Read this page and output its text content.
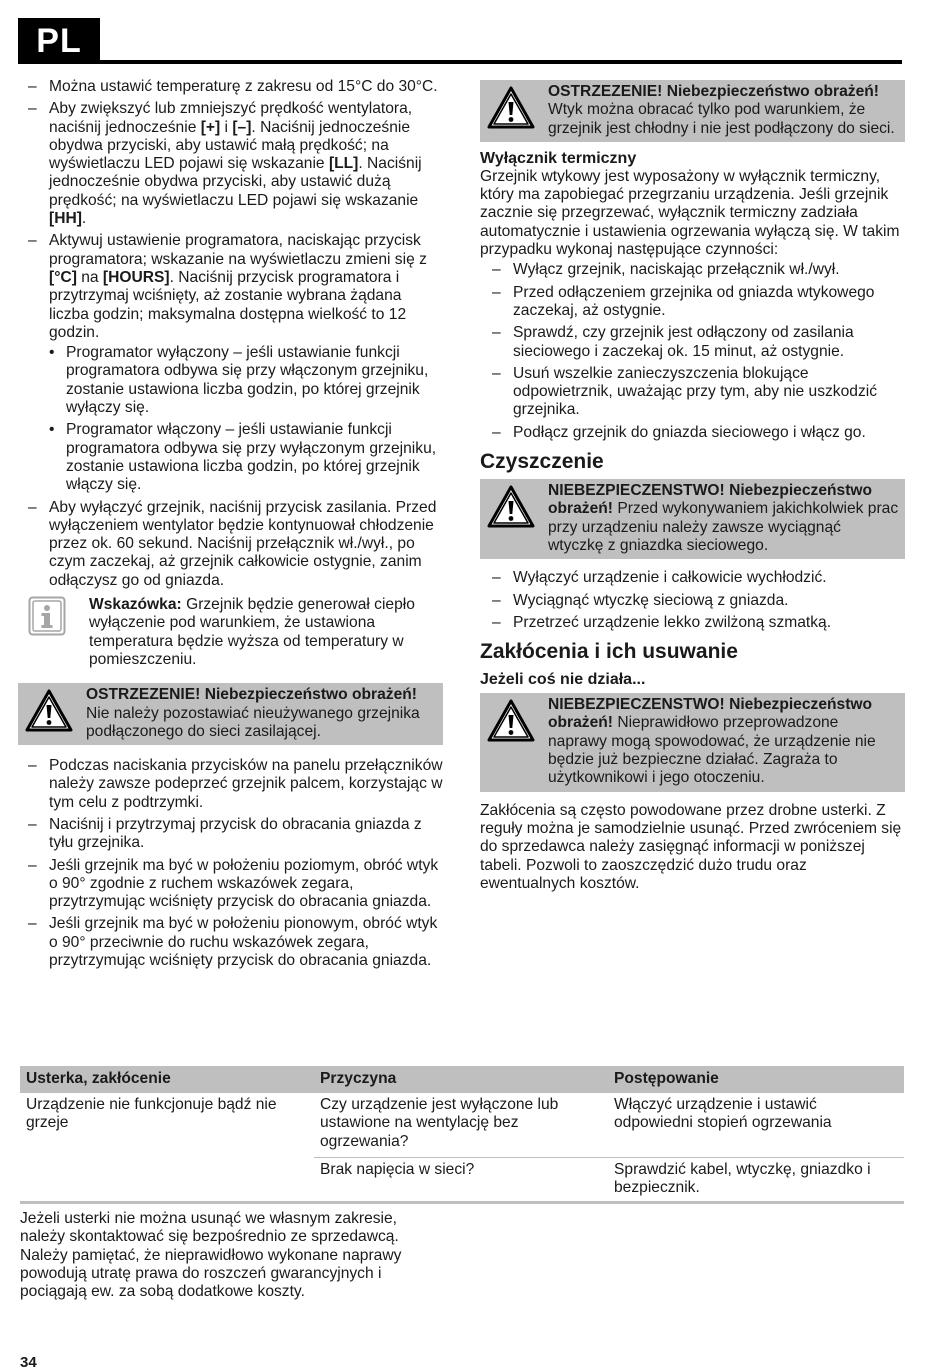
PL
– Można ustawić temperaturę z zakresu od 15°C do 30°C.
– Aby zwiększyć lub zmniejszyć prędkość wentylatora, naciśnij jednocześnie [+] i [–]. Naciśnij jednocześnie obydwa przyciski, aby ustawić małą prędkość; na wyświetlaczu LED pojawi się wskazanie [LL]. Naciśnij jednocześnie obydwa przyciski, aby ustawić dużą prędkość; na wyświetlaczu LED pojawi się wskazanie [HH].
– Aktywuj ustawienie programatora, naciskając przycisk programatora; wskazanie na wyświetlaczu zmieni się z [°C] na [HOURS]. Naciśnij przycisk programatora i przytrzymaj wciśnięty, aż zostanie wybrana żądana liczba godzin; maksymalna dostępna wielkość to 12 godzin.
• Programator wyłączony – jeśli ustawianie funkcji programatora odbywa się przy włączonym grzejniku, zostanie ustawiona liczba godzin, po której grzejnik wyłączy się.
• Programator włączony – jeśli ustawianie funkcji programatora odbywa się przy wyłączonym grzejniku, zostanie ustawiona liczba godzin, po której grzejnik włączy się.
– Aby wyłączyć grzejnik, naciśnij przycisk zasilania. Przed wyłączeniem wentylator będzie kontynuował chłodzenie przez ok. 60 sekund. Naciśnij przełącznik wł./wył., po czym zaczekaj, aż grzejnik całkowicie ostygnie, zanim odłączysz go od gniazda.
Wskazówka: Grzejnik będzie generował ciepło wyłączenie pod warunkiem, że ustawiona temperatura będzie wyższa od temperatury w pomieszczeniu.
OSTRZEZENIE! Niebezpieczeństwo obrażeń! Nie należy pozostawiać nieużywanego grzejnika podłączonego do sieci zasilającej.
– Podczas naciskania przycisków na panelu przełączników należy zawsze podeprzeć grzejnik palcem, korzystając w tym celu z podtrzymki.
– Naciśnij i przytrzymaj przycisk do obracania gniazda z tyłu grzejnika.
– Jeśli grzejnik ma być w położeniu poziomym, obróć wtyk o 90° zgodnie z ruchem wskazówek zegara, przytrzymując wciśnięty przycisk do obracania gniazda.
– Jeśli grzejnik ma być w położeniu pionowym, obróć wtyk o 90° przeciwnie do ruchu wskazówek zegara, przytrzymując wciśnięty przycisk do obracania gniazda.
OSTRZEZENIE! Niebezpieczeństwo obrażeń! Wtyk można obracać tylko pod warunkiem, że grzejnik jest chłodny i nie jest podłączony do sieci.
Wyłącznik termiczny

Grzejnik wtykowy jest wyposażony w wyłącznik termiczny, który ma zapobiegać przegrzaniu urządzenia. Jeśli grzejnik zacznie się przegrzewać, wyłącznik termiczny zadziała automatycznie i ustawienia ogrzewania wyłączą się. W takim przypadku wykonaj następujące czynności:

– Wyłącz grzejnik, naciskając przełącznik wł./wył.
– Przed odłączeniem grzejnika od gniazda wtykowego zaczekaj, aż ostygnie.
– Sprawdź, czy grzejnik jest odłączony od zasilania sieciowego i zaczekaj ok. 15 minut, aż ostygnie.
– Usuń wszelkie zanieczyszczenia blokujące odpowietrznik, uważając przy tym, aby nie uszkodzić grzejnika.
– Podłącz grzejnik do gniazda sieciowego i włącz go.
Czyszczenie
NIEBEZPIECZENSTWO! Niebezpieczeństwo obrażeń! Przed wykonywaniem jakichkolwiek prac przy urządzeniu należy zawsze wyciągnąć wtyczkę z gniazdka sieciowego.
– Wyłączyć urządzenie i całkowicie wychłodzić.
– Wyciągnąć wtyczkę sieciową z gniazda.
– Przetrzeć urządzenie lekko zwilżoną szmatką.
Zakłócenia i ich usuwanie
Jeżeli coś nie działa...
NIEBEZPIECZENSTWO! Niebezpieczeństwo obrażeń! Nieprawidłowo przeprowadzone naprawy mogą spowodować, że urządzenie nie będzie już bezpieczne działać. Zagraża to użytkownikowi i jego otoczeniu.

Zakłócenia są często powodowane przez drobne usterki. Z reguły można je samodzielnie usunąć. Przed zwróceniem się do sprzedawca należy zasięgnąć informacji w poniższej tabeli. Pozwoli to zaoszczędzić dużo trudu oraz ewentualnych kosztów.

Usterka, zakłócenie	Przyczyna	Postępowanie
Urządzenie nie funkcjonuje bądź nie grzeje	Czy urządzenie jest wyłączone lub ustawione na wentylację bez ogrzewania?	Włączyć urządzenie i ustawić odpowiedni stopień ogrzewania
	Brak napięcia w sieci?	Sprawdzić kabel, wtyczkę, gniazdko i bezpiecznik.

Jeżeli usterki nie można usunąć we własnym zakresie, należy skontaktować się bezpośrednio ze sprzedawcą. Należy pamiętać, że nieprawidłowo wykonane naprawy powodują utratę prawa do roszczeń gwarancyjnych i pociągają ew. za sobą dodatkowe koszty.

34
